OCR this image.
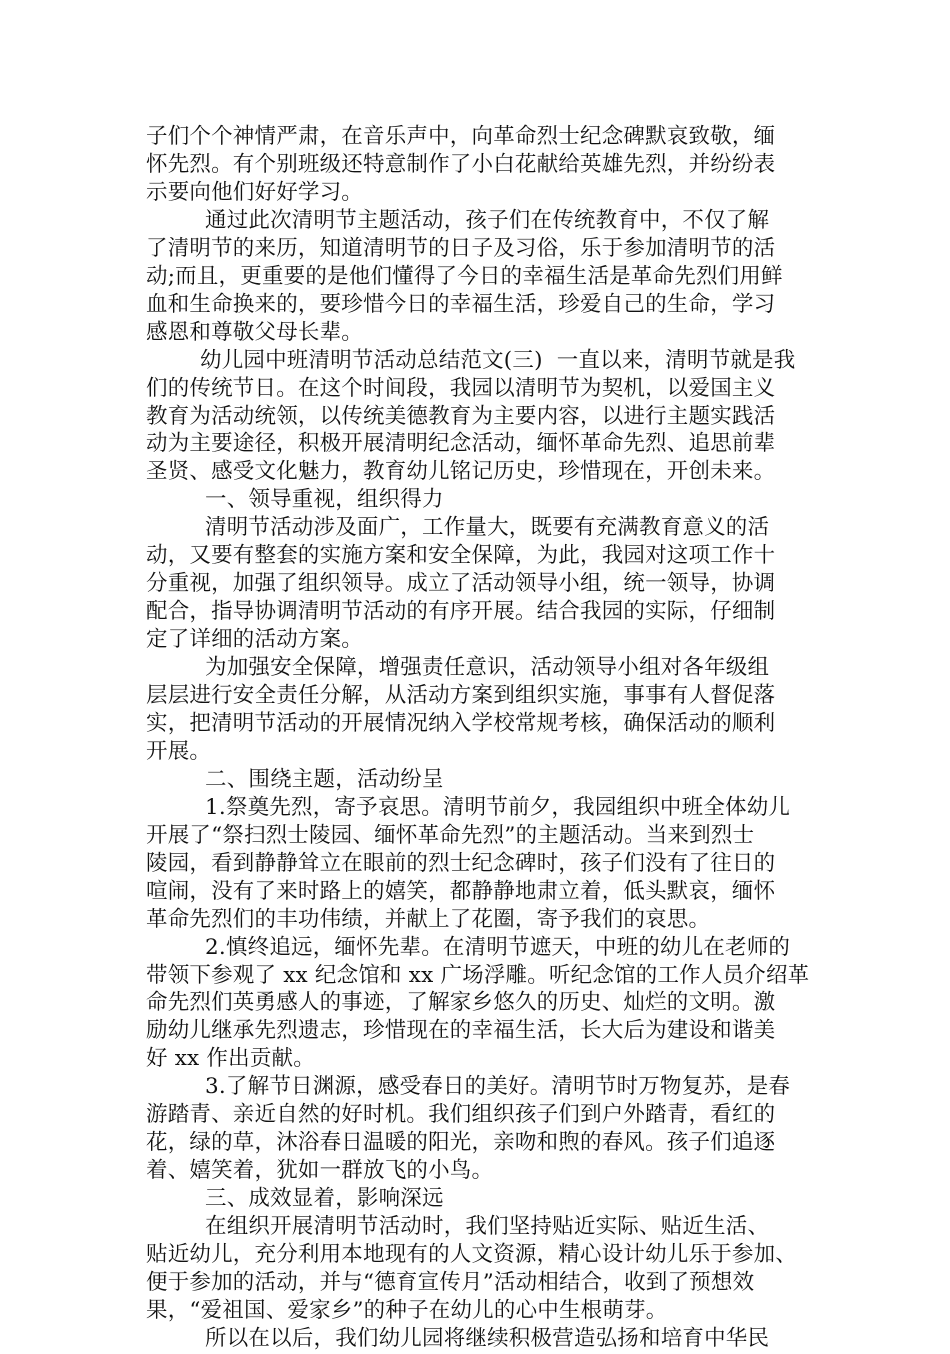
子们个个神情严肃，在音乐声中，向革命烈士纪念碑默哀致敬，缅
怀先烈。有个别班级还特意制作了小白花献给英雄先烈，并纷纷表
示要向他们好好学习。
通过此次清明节主题活动，孩子们在传统教育中，不仅了解
了清明节的来历，知道清明节的日子及习俗，乐于参加清明节的活
动;而且，更重要的是他们懂得了今日的幸福生活是革命先烈们用鲜
血和生命换来的，要珍惜今日的幸福生活，珍爱自己的生命，学习
感恩和尊敬父母长辈。
幼儿园中班清明节活动总结范文(三)  一直以来，清明节就是我
们的传统节日。在这个时间段，我园以清明节为契机，以爱国主义
教育为活动统领，以传统美德教育为主要内容，以进行主题实践活
动为主要途径，积极开展清明纪念活动，缅怀革命先烈、追思前辈
圣贤、感受文化魅力，教育幼儿铭记历史，珍惜现在，开创未来。
一、领导重视，组织得力
清明节活动涉及面广，工作量大，既要有充满教育意义的活
动，又要有整套的实施方案和安全保障，为此，我园对这项工作十
分重视，加强了组织领导。成立了活动领导小组，统一领导，协调
配合，指导协调清明节活动的有序开展。结合我园的实际，仔细制
定了详细的活动方案。
为加强安全保障，增强责任意识，活动领导小组对各年级组
层层进行安全责任分解，从活动方案到组织实施，事事有人督促落
实，把清明节活动的开展情况纳入学校常规考核，确保活动的顺利
开展。
二、围绕主题，活动纷呈
1.祭奠先烈，寄予哀思。清明节前夕，我园组织中班全体幼儿
开展了“祭扫烈士陵园、缅怀革命先烈”的主题活动。当来到烈士
陵园，看到静静耸立在眼前的烈士纪念碑时，孩子们没有了往日的
喧闹，没有了来时路上的嬉笑，都静静地肃立着，低头默哀，缅怀
革命先烈们的丰功伟绩，并献上了花圈，寄予我们的哀思。
2.慎终追远，缅怀先辈。在清明节遮天，中班的幼儿在老师的
带领下参观了 xx 纪念馆和 xx 广场浮雕。听纪念馆的工作人员介绍革
命先烈们英勇感人的事迹，了解家乡悠久的历史、灿烂的文明。激
励幼儿继承先烈遗志，珍惜现在的幸福生活，长大后为建设和谐美
好 xx 作出贡献。
3.了解节日渊源，感受春日的美好。清明节时万物复苏，是春
游踏青、亲近自然的好时机。我们组织孩子们到户外踏青，看红的
花，绿的草，沐浴春日温暖的阳光，亲吻和煦的春风。孩子们追逐
着、嬉笑着，犹如一群放飞的小鸟。
三、成效显着，影响深远
在组织开展清明节活动时，我们坚持贴近实际、贴近生活、
贴近幼儿，充分利用本地现有的人文资源，精心设计幼儿乐于参加、
便于参加的活动，并与“德育宣传月”活动相结合，收到了预想效
果，“爱祖国、爱家乡”的种子在幼儿的心中生根萌芽。
所以在以后，我们幼儿园将继续积极营造弘扬和培育中华民
